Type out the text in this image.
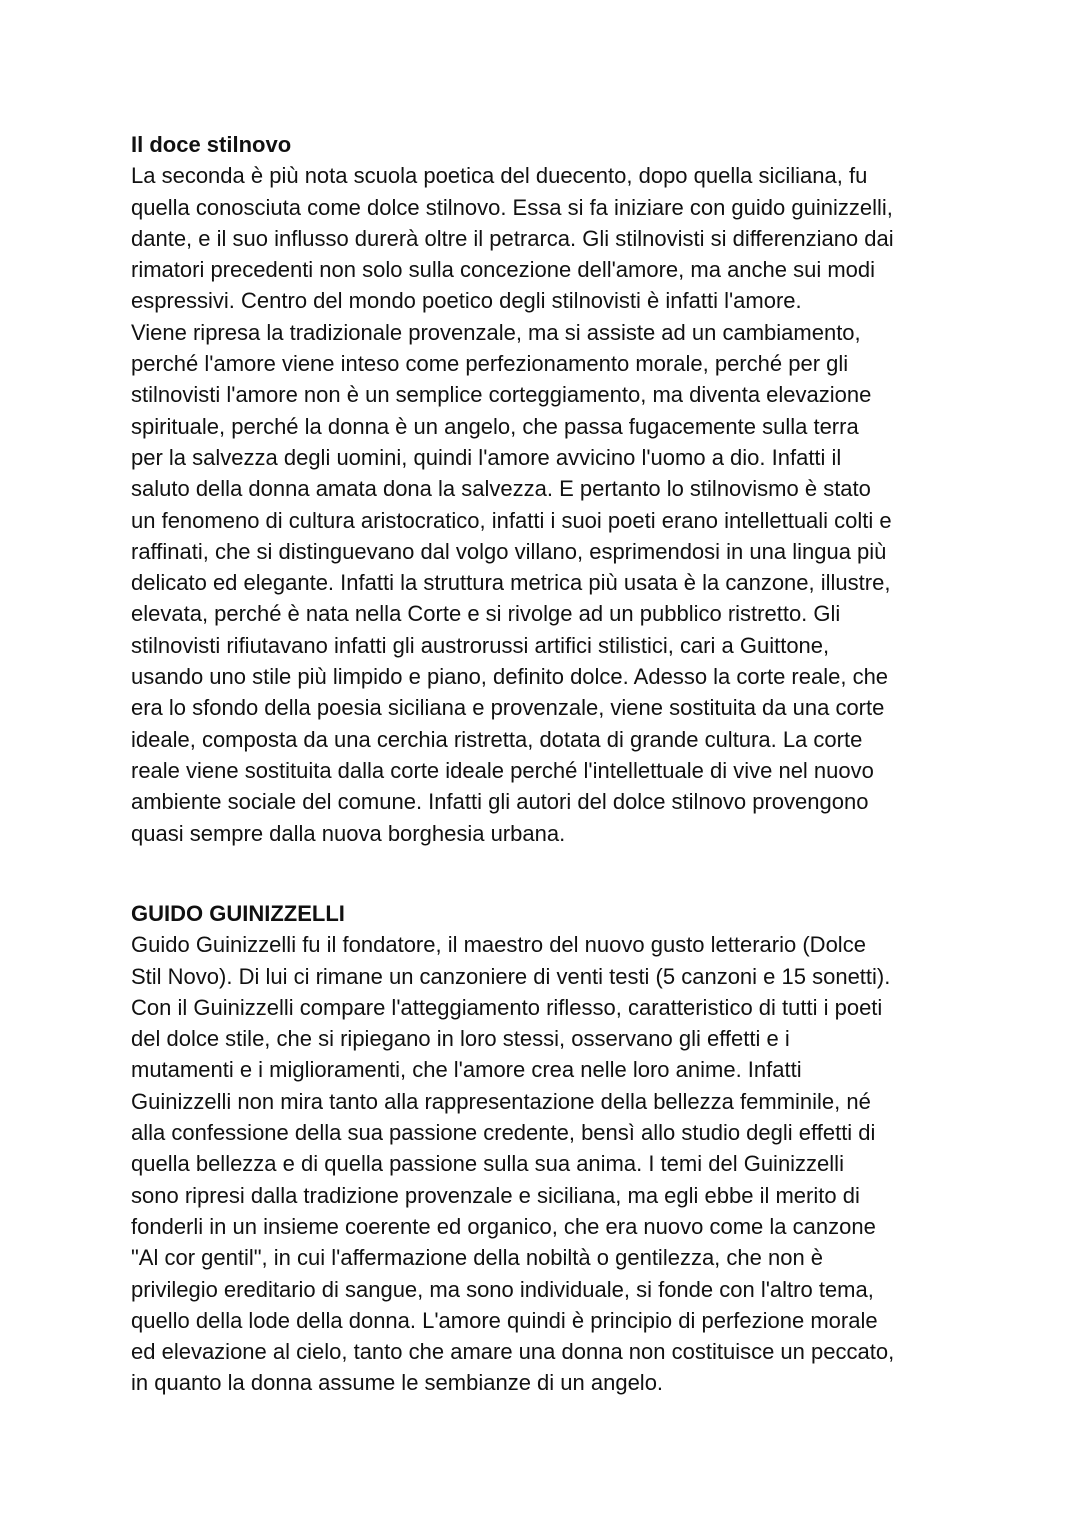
Il doce stilnovo

La seconda è più nota scuola poetica del duecento, dopo quella siciliana, fu

quella conosciuta come dolce stilnovo. Essa si fa iniziare con guido guinizzelli,

dante, e il suo influsso durerà oltre il petrarca. Gli stilnovisti si differenziano dai

rimatori precedenti non solo sulla concezione dell'amore, ma anche sui modi

espressivi. Centro del mondo poetico degli stilnovisti è infatti l'amore.

Viene ripresa la tradizionale provenzale, ma si assiste ad un cambiamento,

perché l'amore viene inteso come perfezionamento morale, perché per gli

stilnovisti l'amore non è un semplice corteggiamento, ma diventa elevazione

spirituale, perché la donna è un angelo, che passa fugacemente sulla terra

per la salvezza degli uomini, quindi l'amore avvicino l'uomo a dio. Infatti il

saluto della donna amata dona la salvezza. E pertanto lo stilnovismo è stato

un fenomeno di cultura aristocratico, infatti i suoi poeti erano intellettuali colti e

raffinati, che si distinguevano dal volgo villano, esprimendosi in una lingua più

delicato ed elegante. Infatti la struttura metrica più usata è la canzone, illustre,

elevata, perché è nata nella Corte e si rivolge ad un pubblico ristretto. Gli

stilnovisti rifiutavano infatti gli austrorussi artifici stilistici, cari a Guittone,

usando uno stile più limpido e piano, definito dolce. Adesso la corte reale, che

era lo sfondo della poesia siciliana e provenzale, viene sostituita da una corte

ideale, composta da una cerchia ristretta, dotata di grande cultura. La corte

reale viene sostituita dalla corte ideale perché l'intellettuale di vive nel nuovo

ambiente sociale del comune. Infatti gli autori del dolce stilnovo provengono

quasi sempre dalla nuova borghesia urbana.

GUIDO GUINIZZELLI

Guido Guinizzelli fu il fondatore, il maestro del nuovo gusto letterario (Dolce

Stil Novo). Di lui ci rimane un canzoniere di venti testi (5 canzoni e 15 sonetti).

Con il Guinizzelli compare l'atteggiamento riflesso, caratteristico di tutti i poeti

del dolce stile, che si ripiegano in loro stessi, osservano gli effetti e i

mutamenti e i miglioramenti, che l'amore crea nelle loro anime. Infatti

Guinizzelli non mira tanto alla rappresentazione della bellezza femminile, né

alla confessione della sua passione credente, bensì allo studio degli effetti di

quella bellezza e di quella passione sulla sua anima. I temi del Guinizzelli

sono ripresi dalla tradizione provenzale e siciliana, ma egli ebbe il merito di

fonderli in un insieme coerente ed organico, che era nuovo come la canzone

"Al cor gentil", in cui l'affermazione della nobiltà o gentilezza, che non è

privilegio ereditario di sangue, ma sono individuale, si fonde con l'altro tema,

quello della lode della donna. L'amore quindi è principio di perfezione morale

ed elevazione al cielo, tanto che amare una donna non costituisce un peccato,

in quanto la donna assume le sembianze di un angelo.
